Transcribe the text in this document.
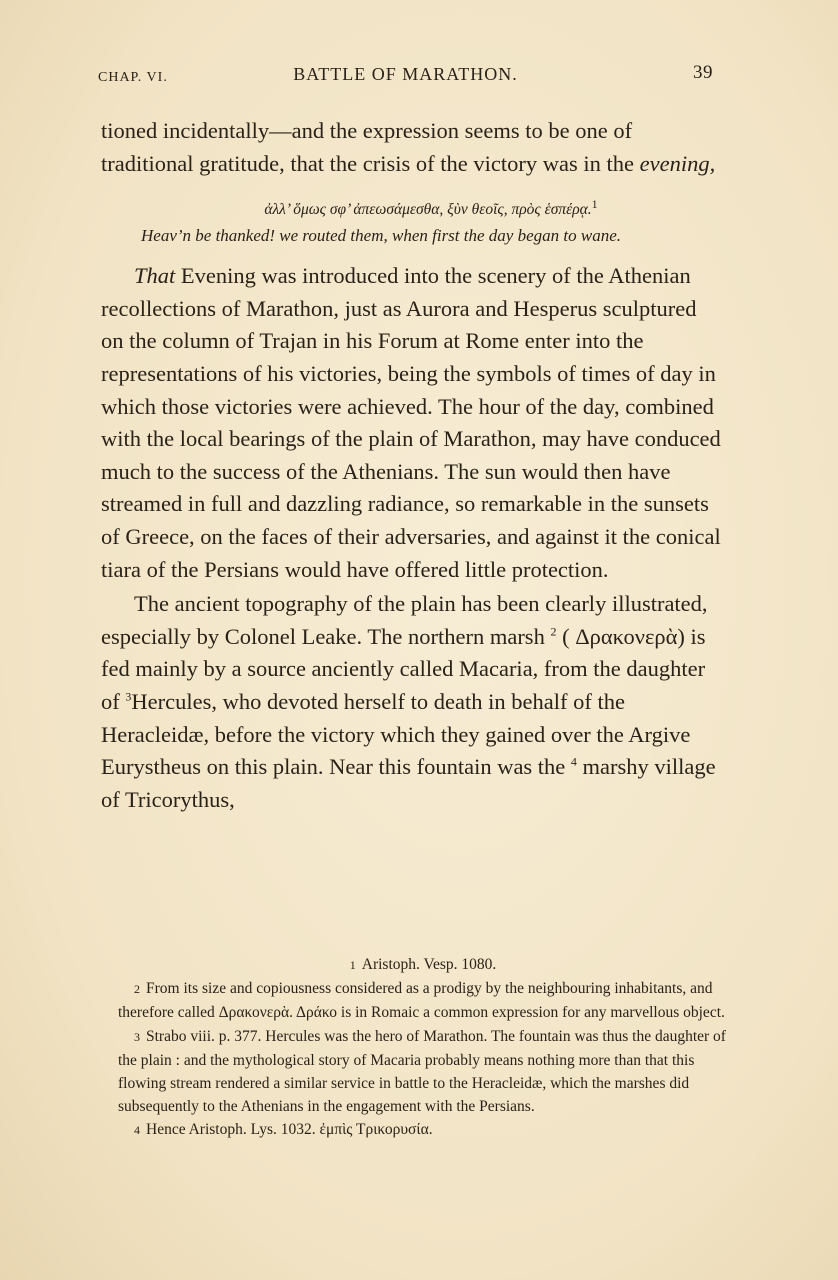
CHAP. VI.	BATTLE OF MARATHON.	39

tioned incidentally—and the expression seems to be one of traditional gratitude, that the crisis of the victory was in the evening,

ἀλλ’ ὅμως σφ’ ἀπεωσάμεσθα, ξὺν θεοῖς, πρὸς ἑσπέρᾳ.$^1$
Heav’n be thanked! we routed them, when first the day began to wane.

That Evening was introduced into the scenery of the Athenian recollections of Marathon, just as Aurora and Hesperus sculptured on the column of Trajan in his Forum at Rome enter into the representations of his victories, being the symbols of times of day in which those victories were achieved. The hour of the day, combined with the local bearings of the plain of Marathon, may have conduced much to the success of the Athenians. The sun would then have streamed in full and dazzling radiance, so remarkable in the sunsets of Greece, on the faces of their adversaries, and against it the conical tiara of the Persians would have offered little protection.

The ancient topography of the plain has been clearly illustrated, especially by Colonel Leake. The northern marsh $^2$ ( Δρακονερὰ) is fed mainly by a source anciently called Macaria, from the daughter of $^3$Hercules, who devoted herself to death in behalf of the Heracleidæ, before the victory which they gained over the Argive Eurystheus on this plain. Near this fountain was the $^4$ marshy village of Tricorythus,

1 Aristoph. Vesp. 1080.

2 From its size and copiousness considered as a prodigy by the neighbouring inhabitants, and therefore called Δρακονερὰ. Δράκο is in Romaic a common expression for any marvellous object.

3 Strabo viii. p. 377. Hercules was the hero of Marathon. The fountain was thus the daughter of the plain : and the mythological story of Macaria probably means nothing more than that this flowing stream rendered a similar service in battle to the Heracleidæ, which the marshes did subsequently to the Athenians in the engagement with the Persians.

4 Hence Aristoph. Lys. 1032. ἐμπὶς Τρικορυσία.
